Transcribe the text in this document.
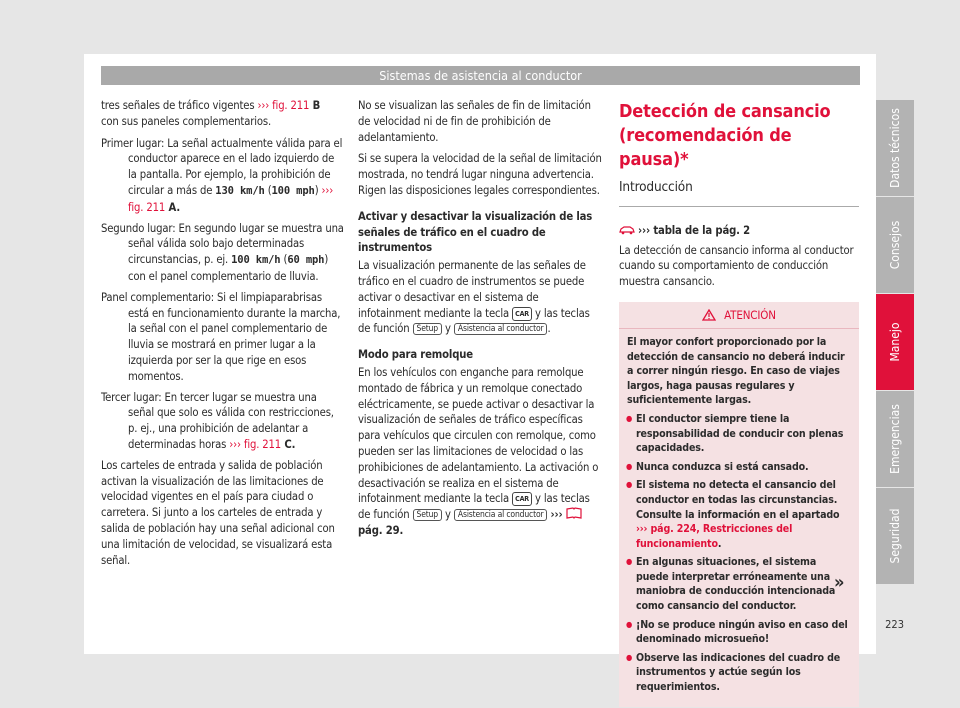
Sistemas de asistencia al conductor

tres señales de tráfico vigentes ››› fig. 211 B
con sus paneles complementarios.

Primer lugar: La señal actualmente válida para el conductor aparece en el lado izquierdo de la pantalla. Por ejemplo, la prohibición de circular a más de 130 km/h (100 mph) ››› fig. 211 A.

Segundo lugar: En segundo lugar se muestra una señal válida solo bajo determinadas circunstancias, p. ej. 100 km/h (60 mph) con el panel complementario de lluvia.

Panel complementario: Si el limpiaparabrisas está en funcionamiento durante la marcha, la señal con el panel complementario de lluvia se mostrará en primer lugar a la izquierda por ser la que rige en esos momentos.

Tercer lugar: En tercer lugar se muestra una señal que solo es válida con restricciones, p. ej., una prohibición de adelantar a determinadas horas ››› fig. 211 C.

Los carteles de entrada y salida de población activan la visualización de las limitaciones de velocidad vigentes en el país para ciudad o carretera. Si junto a los carteles de entrada y salida de población hay una señal adicional con una limitación de velocidad, se visualizará esta señal.

No se visualizan las señales de fin de limitación de velocidad ni de fin de prohibición de adelantamiento.

Si se supera la velocidad de la señal de limitación mostrada, no tendrá lugar ninguna advertencia. Rigen las disposiciones legales correspondientes.

Activar y desactivar la visualización de las señales de tráfico en el cuadro de instrumentos

La visualización permanente de las señales de tráfico en el cuadro de instrumentos se puede activar o desactivar en el sistema de infotainment mediante la tecla CAR y las teclas de función Setup y Asistencia al conductor .

Modo para remolque

En los vehículos con enganche para remolque montado de fábrica y un remolque conectado eléctricamente, se puede activar o desactivar la visualización de señales de tráfico específicas para vehículos que circulen con remolque, como pueden ser las limitaciones de velocidad o las prohibiciones de adelantamiento. La activación o desactivación se realiza en el sistema de infotainment mediante la tecla CAR y las teclas de función Setup y Asistencia al conductor ›››  pág. 29.

Detección de cansancio (recomendación de pausa)*
Introducción

››› tabla de la pág. 2

La detección de cansancio informa al conductor cuando su comportamiento de conducción muestra cansancio.

ATENCIÓN

El mayor confort proporcionado por la detección de cansancio no deberá inducir a correr ningún riesgo. En caso de viajes largos, haga pausas regulares y suficientemente largas.

● El conductor siempre tiene la responsabilidad de conducir con plenas capacidades.

● Nunca conduzca si está cansado.

● El sistema no detecta el cansancio del conductor en todas las circunstancias. Consulte la información en el apartado ››› pág. 224, Restricciones del funcionamiento.

● En algunas situaciones, el sistema puede interpretar erróneamente una maniobra de conducción intencionada como cansancio del conductor.

● ¡No se produce ningún aviso en caso del denominado microsueño!

● Observe las indicaciones del cuadro de instrumentos y actúe según los requerimientos.

»
Datos técnicos
Consejos
Manejo
Emergencias
Seguridad
223
